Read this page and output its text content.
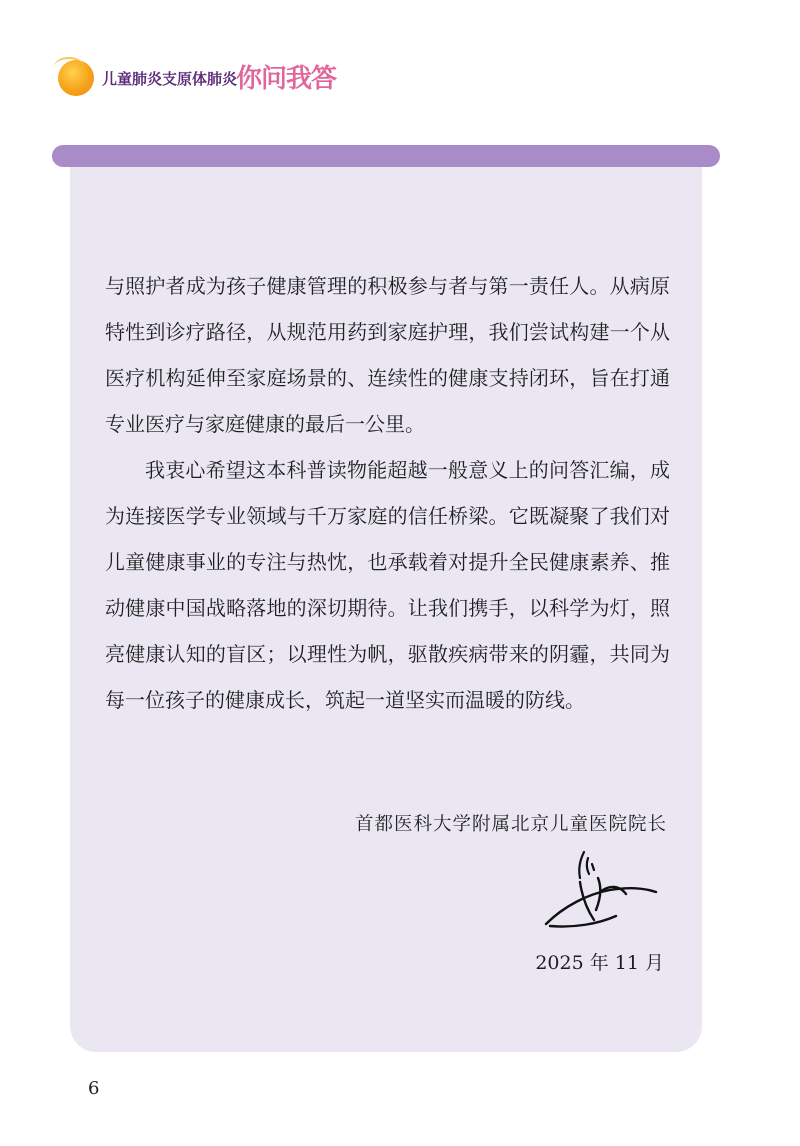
儿童肺炎支原体肺炎
你问我答

与照护者成为孩子健康管理的积极参与者与第一责任人。从病原特性到诊疗路径，从规范用药到家庭护理，我们尝试构建一个从医疗机构延伸至家庭场景的、连续性的健康支持闭环，旨在打通专业医疗与家庭健康的最后一公里。

我衷心希望这本科普读物能超越一般意义上的问答汇编，成为连接医学专业领域与千万家庭的信任桥梁。它既凝聚了我们对儿童健康事业的专注与热忱，也承载着对提升全民健康素养、推动健康中国战略落地的深切期待。让我们携手，以科学为灯，照亮健康认知的盲区；以理性为帆，驱散疾病带来的阴霾，共同为每一位孩子的健康成长，筑起一道坚实而温暖的防线。

首都医科大学附属北京儿童医院院长
2025 年 11 月
6
